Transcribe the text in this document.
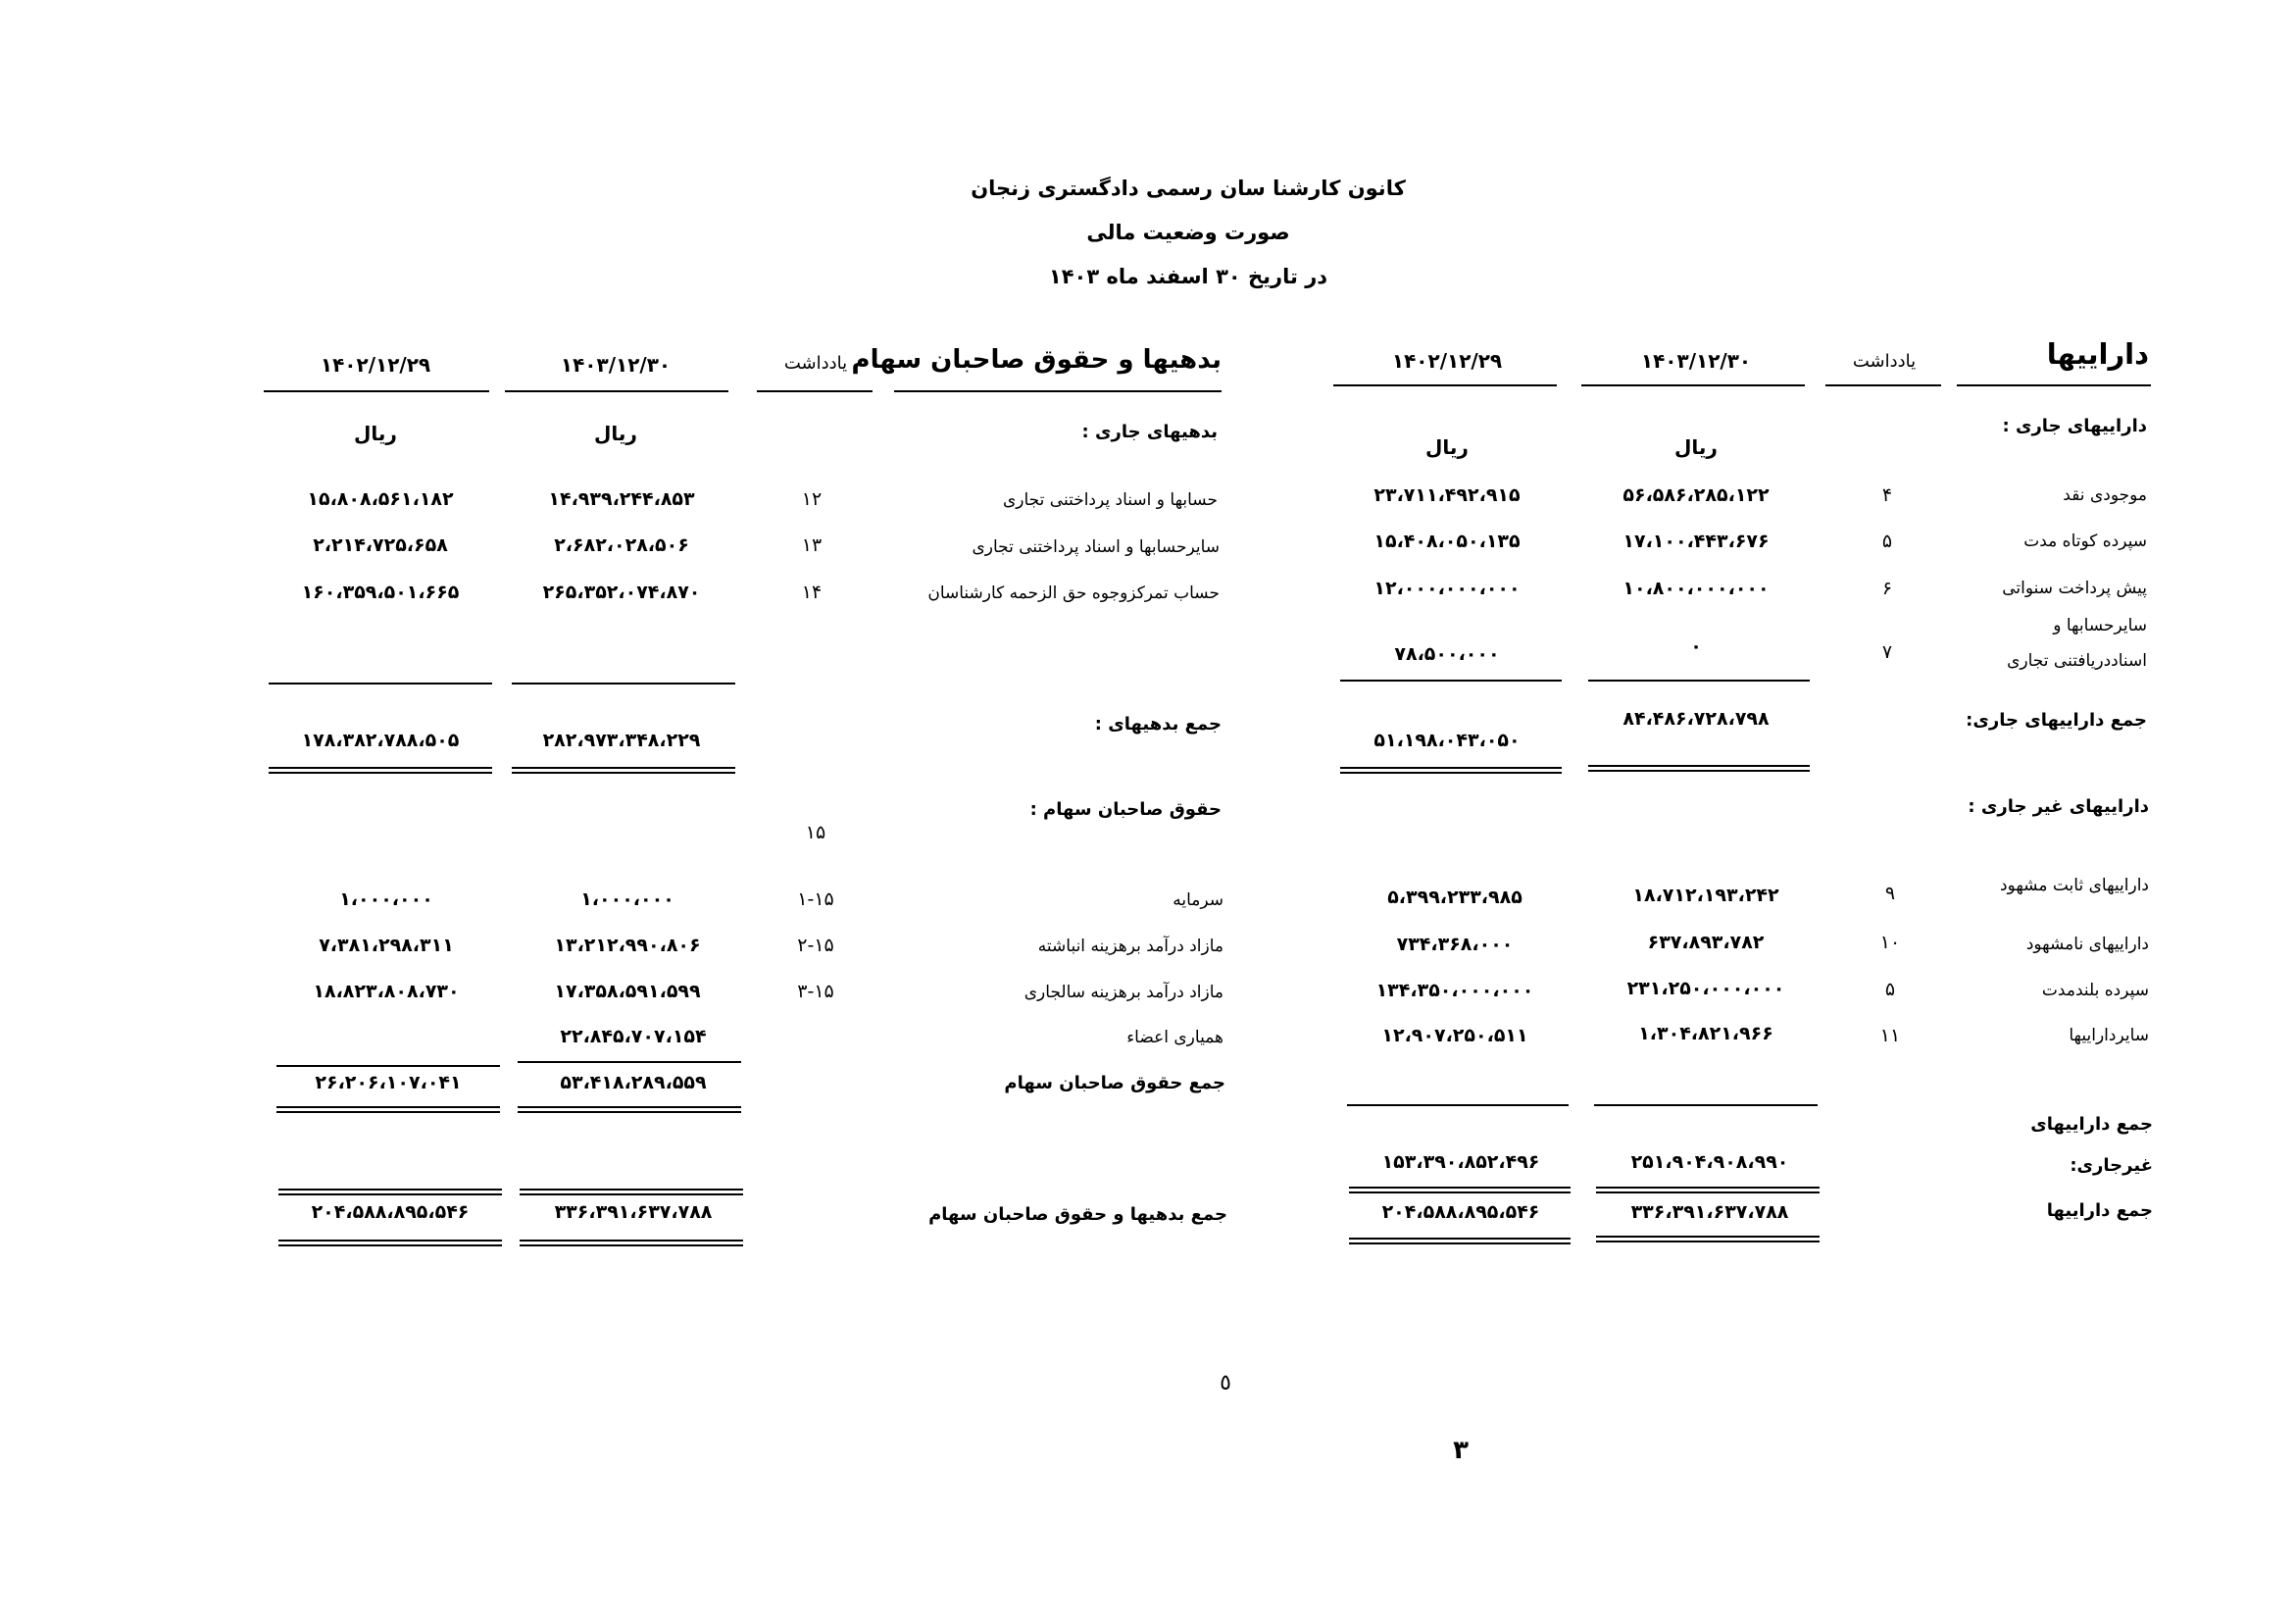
کانون کارشنا سان رسمی دادگستری زنجان
صورت وضعیت مالی
در تاریخ ۳۰ اسفند ماه ۱۴۰۳
داراییها
یادداشت
۱۴۰۳/۱۲/۳۰
۱۴۰۲/۱۲/۲۹
داراییهای جاری :
ریال
ریال
موجودی نقد
۴
۵۶،۵۸۶،۲۸۵،۱۲۲
۲۳،۷۱۱،۴۹۲،۹۱۵
سپرده کوتاه مدت
۵
۱۷،۱۰۰،۴۴۳،۶۷۶
۱۵،۴۰۸،۰۵۰،۱۳۵
پیش پرداخت سنواتی
۶
۱۰،۸۰۰،۰۰۰،۰۰۰
۱۲،۰۰۰،۰۰۰،۰۰۰
سایرحسابها و
اسناددریافتنی تجاری
۷
۰
۷۸،۵۰۰،۰۰۰
جمع داراییهای جاری:
۸۴،۴۸۶،۷۲۸،۷۹۸
۵۱،۱۹۸،۰۴۳،۰۵۰
داراییهای غیر جاری :
داراییهای ثابت مشهود
۹
۱۸،۷۱۲،۱۹۳،۲۴۲
۵،۳۹۹،۲۳۳،۹۸۵
داراییهای نامشهود
۱۰
۶۳۷،۸۹۳،۷۸۲
۷۳۴،۳۶۸،۰۰۰
سپرده بلندمدت
۵
۲۳۱،۲۵۰،۰۰۰،۰۰۰
۱۳۴،۳۵۰،۰۰۰،۰۰۰
سایرداراییها
۱۱
۱،۳۰۴،۸۲۱،۹۶۶
۱۲،۹۰۷،۲۵۰،۵۱۱
جمع داراییهای
غیرجاری:
۲۵۱،۹۰۴،۹۰۸،۹۹۰
۱۵۳،۳۹۰،۸۵۲،۴۹۶
جمع داراییها
۳۳۶،۳۹۱،۶۳۷،۷۸۸
۲۰۴،۵۸۸،۸۹۵،۵۴۶
بدهیها و حقوق صاحبان سهام
یادداشت
۱۴۰۳/۱۲/۳۰
۱۴۰۲/۱۲/۲۹
بدهیهای جاری :
ریال
ریال
حسابها و اسناد پرداختنی تجاری
۱۲
۱۴،۹۳۹،۲۴۴،۸۵۳
۱۵،۸۰۸،۵۶۱،۱۸۲
سایرحسابها و اسناد پرداختنی تجاری
۱۳
۲،۶۸۲،۰۲۸،۵۰۶
۲،۲۱۴،۷۲۵،۶۵۸
حساب تمرکزوجوه حق الزحمه کارشناسان
۱۴
۲۶۵،۳۵۲،۰۷۴،۸۷۰
۱۶۰،۳۵۹،۵۰۱،۶۶۵
جمع بدهیهای :
۲۸۲،۹۷۳،۳۴۸،۲۲۹
۱۷۸،۳۸۲،۷۸۸،۵۰۵
حقوق صاحبان سهام :
۱۵
سرمایه
۱-۱۵
۱،۰۰۰،۰۰۰
۱،۰۰۰،۰۰۰
مازاد درآمد برهزینه انباشته
۲-۱۵
۱۳،۲۱۲،۹۹۰،۸۰۶
۷،۳۸۱،۲۹۸،۳۱۱
مازاد درآمد برهزینه سالجاری
۳-۱۵
۱۷،۳۵۸،۵۹۱،۵۹۹
۱۸،۸۲۳،۸۰۸،۷۳۰
همیاری اعضاء
۲۲،۸۴۵،۷۰۷،۱۵۴
جمع حقوق صاحبان سهام
۵۳،۴۱۸،۲۸۹،۵۵۹
۲۶،۲۰۶،۱۰۷،۰۴۱
جمع بدهیها و حقوق صاحبان سهام
۳۳۶،۳۹۱،۶۳۷،۷۸۸
۲۰۴،۵۸۸،۸۹۵،۵۴۶
٥
۳
